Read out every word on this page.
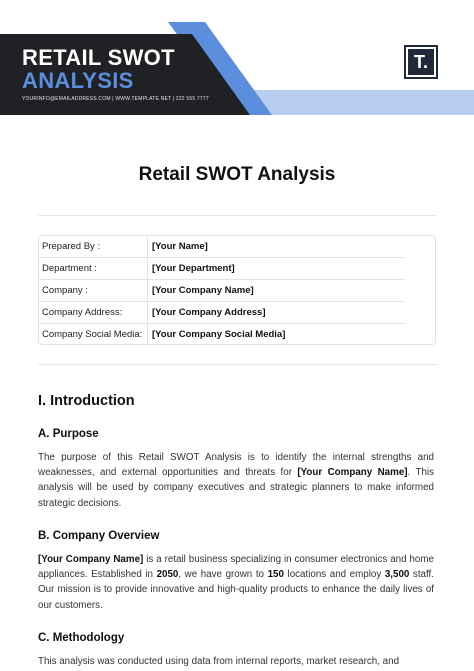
RETAIL SWOT
ANALYSIS
YOURINFO@EMAILADDRESS.COM | WWW.TEMPLATE.NET | 222 555 7777
T.
Retail SWOT Analysis
Prepared By :	[Your Name]
Department :	[Your Department]
Company :	[Your Company Name]
Company Address:	[Your Company Address]
Company Social Media: [Your Company Social Media]
I. Introduction
A. Purpose

The purpose of this Retail SWOT Analysis is to identify the internal strengths and weaknesses, and external opportunities and threats for [Your Company Name]. This analysis will be used by company executives and strategic planners to make informed strategic decisions.

B. Company Overview

[Your Company Name] is a retail business specializing in consumer electronics and home appliances. Established in 2050, we have grown to 150 locations and employ 3,500 staff. Our mission is to provide innovative and high-quality products to enhance the daily lives of our customers.

C. Methodology

This analysis was conducted using data from internal reports, market research, and
